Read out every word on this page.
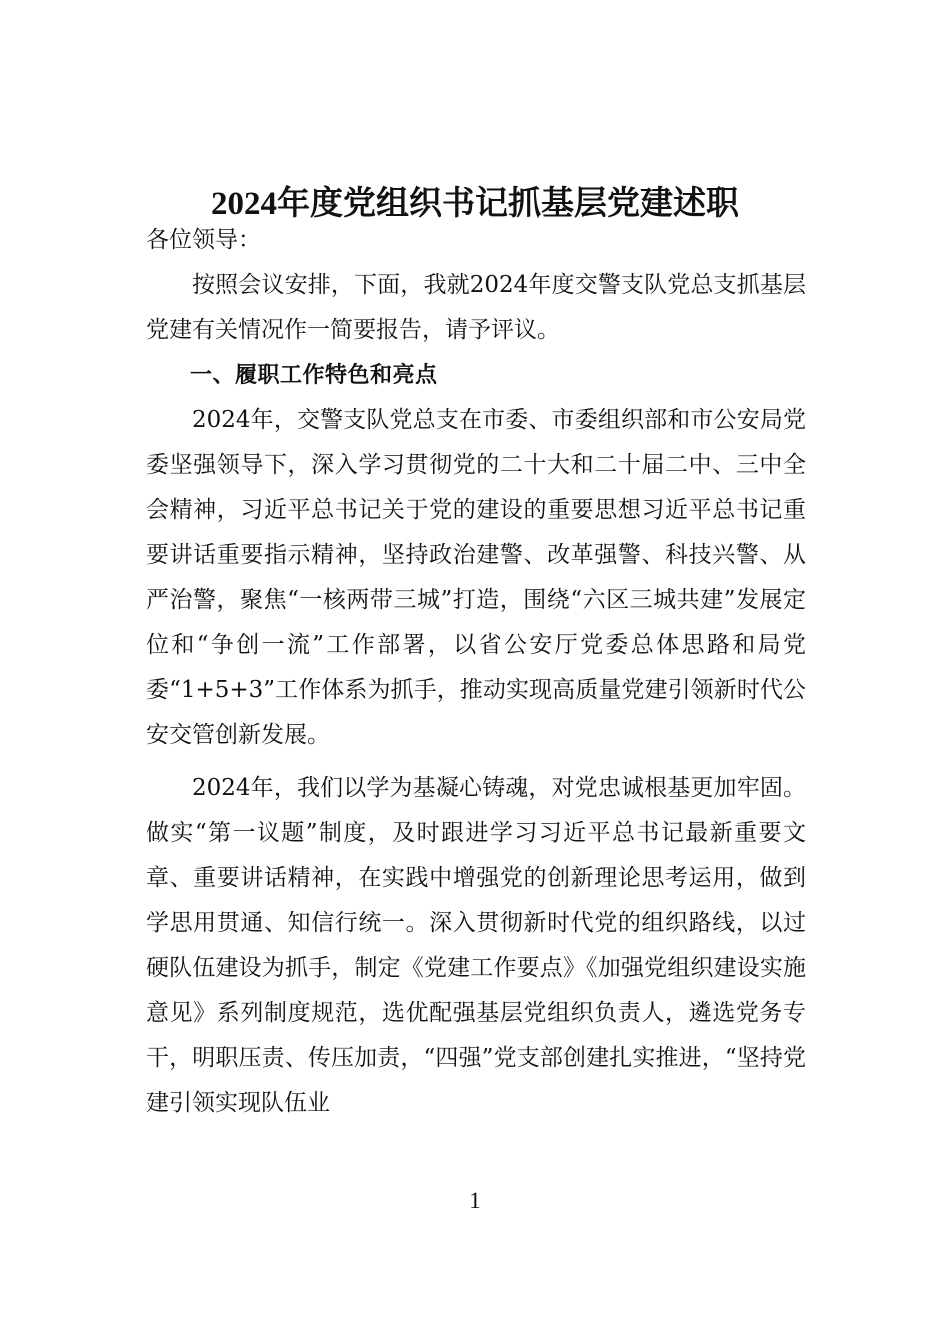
2024年度党组织书记抓基层党建述职

各位领导：

按照会议安排，下面，我就2024年度交警支队党总支抓基层党建有关情况作一简要报告，请予评议。

一、履职工作特色和亮点

2024年，交警支队党总支在市委、市委组织部和市公安局党委坚强领导下，深入学习贯彻党的二十大和二十届二中、三中全会精神，习近平总书记关于党的建设的重要思想习近平总书记重要讲话重要指示精神，坚持政治建警、改革强警、科技兴警、从严治警，聚焦“一核两带三城”打造，围绕“六区三城共建”发展定位和“争创一流”工作部署，以省公安厅党委总体思路和局党委“1+5+3”工作体系为抓手，推动实现高质量党建引领新时代公安交管创新发展。

2024年，我们以学为基凝心铸魂，对党忠诚根基更加牢固。做实“第一议题”制度，及时跟进学习习近平总书记最新重要文章、重要讲话精神，在实践中增强党的创新理论思考运用，做到学思用贯通、知信行统一。深入贯彻新时代党的组织路线，以过硬队伍建设为抓手，制定《党建工作要点》《加强党组织建设实施意见》系列制度规范，选优配强基层党组织负责人，遴选党务专干，明职压责、传压加责，“四强”党支部创建扎实推进，“坚持党建引领实现队伍业

1
